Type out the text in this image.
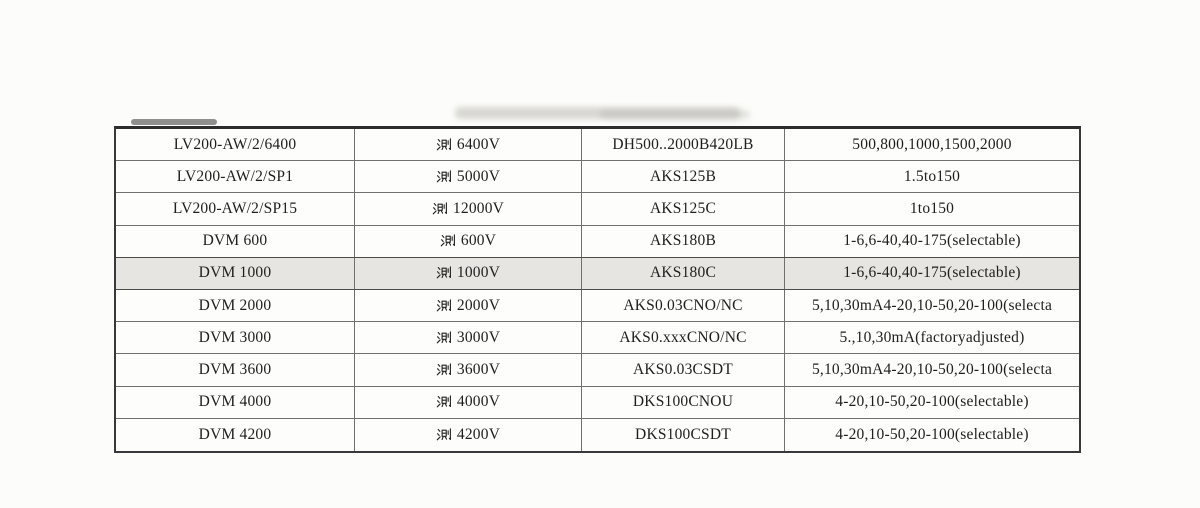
LV200-AW/2/6400	6400V	DH500..2000B420LB	500,800,1000,1500,2000
LV200-AW/2/SP1	5000V	AKS125B	1.5to150
LV200-AW/2/SP15	12000V	AKS125C	1to150
DVM 600	600V	AKS180B	1-6,6-40,40-175(selectable)
DVM 1000	1000V	AKS180C	1-6,6-40,40-175(selectable)
DVM 2000	2000V	AKS0.03CNO/NC	5,10,30mA4-20,10-50,20-100(selecta
DVM 3000	3000V	AKS0.xxxCNO/NC	5.,10,30mA(factoryadjusted)
DVM 3600	3600V	AKS0.03CSDT	5,10,30mA4-20,10-50,20-100(selecta
DVM 4000	4000V	DKS100CNOU	4-20,10-50,20-100(selectable)
DVM 4200	4200V	DKS100CSDT	4-20,10-50,20-100(selectable)
